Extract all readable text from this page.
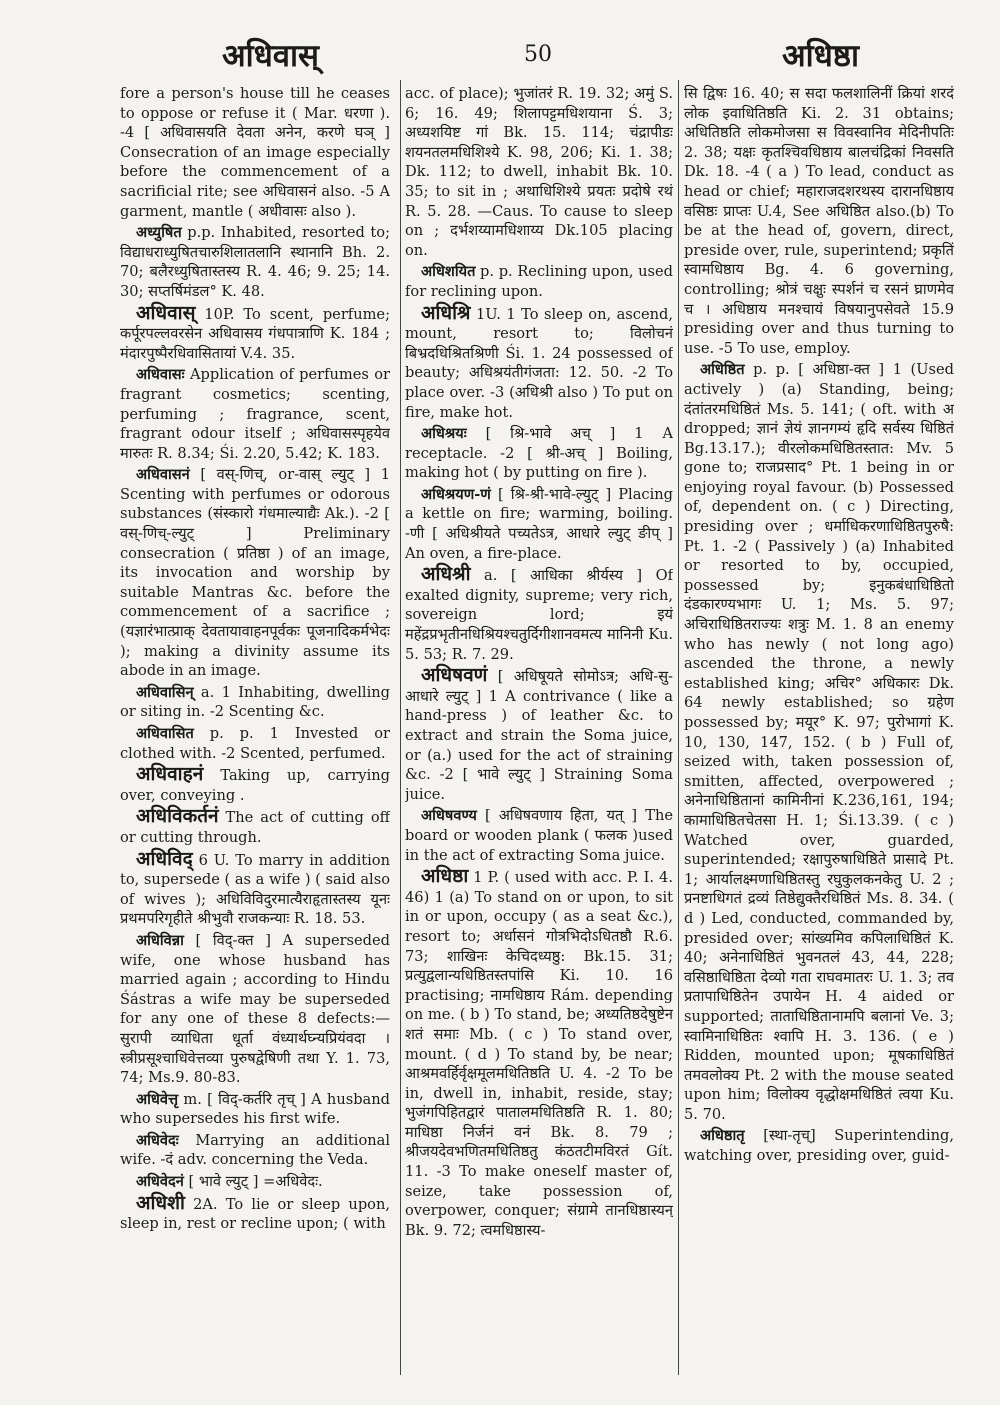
अधिवास्	50	अधिष्ठा

fore a person's house till he ceases to oppose or refuse it ( Mar. धरणा ). -4 [ अधिवासयति देवता अनेन, करणे घञ् ] Consecration of an image especially before the commencement of a sacrificial rite; see अधिवासनं also. -5 A garment, mantle ( अधीवासः also ).

अध्युषित p.p. Inhabited, resorted to; विद्याधराध्युषितचारुशिलातलानि स्थानानि Bh. 2. 70; बलैरध्युषितास्तस्य R. 4. 46; 9. 25; 14. 30; सप्तर्षिमंडल° K. 48.

अधिवास् 10P. To scent, perfume; कर्पूरपल्लवरसेन अधिवासय गंधपात्राणि K. 184 ; मंदारपुष्पैरधिवासितायां V.4. 35.

अधिवासः Application of perfumes or fragrant cosmetics; scenting, perfuming ; fragrance, scent, fragrant odour itself ; अधिवासस्पृहयेव मारुतः R. 8.34; Śi. 2.20, 5.42; K. 183.

अधिवासनं [ वस्-णिच्, or-वास् ल्युट् ] 1 Scenting with perfumes or odorous substances (संस्कारो गंधमाल्याद्यैः Ak.). -2 [ वस्-णिच्-ल्युट् ] Preliminary consecration ( प्रतिष्ठा ) of an image, its invocation and worship by suitable Mantras &c. before the commencement of a sacrifice ;(यज्ञारंभात्प्राक् देवतायावाहनपूर्वकः पूजनादिकर्मभेदः ); making a divinity assume its abode in an image.

अधिवासिन् a. 1 Inhabiting, dwelling or siting in. -2 Scenting &c.

अधिवासित p. p. 1 Invested or clothed with. -2 Scented, perfumed.

अधिवाहनं Taking up, carrying over, conveying .

अधिविकर्तनं The act of cutting off or cutting through.

अधिविद् 6 U. To marry in addition to, supersede ( as a wife ) ( said also of wives ); अधिविविदुरमात्यैराहृतास्तस्य यूनः प्रथमपरिगृहीते श्रीभुवौ राजकन्याः R. 18. 53.

अधिविन्ना [ विद्-क्त ] A superseded wife, one whose husband has married again ; according to Hindu Śástras a wife may be superseded for any one of these 8 defects:—सुरापी व्याधिता धूर्ता वंध्यार्थघ्न्यप्रियंवदा । स्त्रीप्रसूश्चाधिवेत्तव्या पुरुषद्वेषिणी तथा Y. 1. 73, 74; Ms.9. 80-83.

अधिवेत्तृ m. [ विद्-कर्तरि तृच् ] A husband who supersedes his first wife.

अधिवेदः Marrying an additional wife. -दं adv. concerning the Veda.

अधिवेदनं [ भावे ल्युट् ] =अधिवेदः.

अधिशी 2A. To lie or sleep upon, sleep in, rest or recline upon; ( with

acc. of place); भुजांतरं R. 19. 32; अमुं S. 6; 16. 49; शिलापट्टमधिशयाना Ś. 3; अध्यशयिष्ट गां Bk. 15. 114; चंद्रापीडः शयनतलमधिशिश्ये K. 98, 206; Ki. 1. 38; Dk. 112; to dwell, inhabit Bk. 10. 35; to sit in ; अथाधिशिश्ये प्रयतः प्रदोषे रथं R. 5. 28. —Caus. To cause to sleep on ; दर्भशय्यामधिशाय्य Dk.105 placing on.

अधिशयित p. p. Reclining upon, used for reclining upon.

अधिश्रि 1U. 1 To sleep on, ascend, mount, resort to; विलोचनं बिभ्रदधिश्रितश्रिणी Śi. 1. 24 possessed of beauty; अधिश्रयंतीगंजता: 12. 50. -2 To place over. -3 (अधिश्री also ) To put on fire, make hot.

अधिश्रयः [ श्रि-भावे अच् ] 1 A receptacle. -2 [ श्री-अच् ] Boiling, making hot ( by putting on fire ).

अधिश्रयण-णं [ श्रि-श्री-भावे-ल्युट् ] Placing a kettle on fire; warming, boiling. -णी [ अधिश्रीयते पच्यतेऽत्र, आधारे ल्युट् ङीप् ] An oven, a fire-place.

अधिश्री a. [ आधिका श्रीर्यस्य ] Of exalted dignity, supreme; very rich, sovereign lord; इयं महेंद्रप्रभृतीनधिश्रियश्चतुर्दिगीशानवमत्य मानिनी Ku. 5. 53; R. 7. 29.

अधिषवणं [ अधिषूयते सोमोऽत्र; अधि-सु-आधारे ल्युट् ] 1 A contrivance ( like a hand-press ) of leather &c. to extract and strain the Soma juice, or (a.) used for the act of straining &c. -2 [ भावे ल्युट् ] Straining Soma juice.

अधिषवण्य [ अधिषवणाय हिता, यत् ] The board or wooden plank ( फलक )used in the act of extracting Soma juice.

अधिष्ठा 1 P. ( used with acc. P. I. 4. 46) 1 (a) To stand on or upon, to sit in or upon, occupy ( as a seat &c.), resort to; अर्धासनं गोत्रभिदोऽधितष्ठौ R.6. 73; शाखिनः केचिदध्यष्ठु: Bk.15. 31; प्रत्युद्वलान्यधिष्ठितस्तपांसि Ki. 10. 16 practising; नामधिष्ठाय Rám. depending on me. ( b ) To stand, be; अध्यतिष्ठदेषुष्टेन शतं समाः Mb. ( c ) To stand over, mount. ( d ) To stand by, be near; आश्रमवर्हिर्वृक्षमूलमधितिष्ठति U. 4. -2 To be in, dwell in, inhabit, reside, stay; भुजंगपिहितद्वारं पातालमधितिष्ठति R. 1. 80; माधिष्ठा निर्जनं वनं Bk. 8. 79 ; श्रीजयदेवभणितमधितिष्ठतु कंठतटीमविरतं Gít. 11. -3 To make oneself master of, seize, take possession of, overpower, conquer; संग्रामे तानधिष्ठास्यन् Bk. 9. 72; त्वमधिष्ठास्य-

सि द्विषः 16. 40; स सदा फलशालिनीं क्रियां शरदं लोक इवाधितिष्ठति Ki. 2. 31 obtains; अधितिष्ठति लोकमोजसा स विवस्वानिव मेदिनीपतिः 2. 38; यक्षः कृतश्चिवधिष्ठाय बालचंद्रिकां निवसति Dk. 18. -4 ( a ) To lead, conduct as head or chief; महाराजदशरथस्य दारानधिष्ठाय वसिष्ठः प्राप्तः U.4, See अधिष्ठित also.(b) To be at the head of, govern, direct, preside over, rule, superintend; प्रकृतिं स्वामधिष्ठाय Bg. 4. 6 governing, controlling; श्रोत्रं चक्षुः स्पर्शनं च रसनं घ्राणमेव च । अधिष्ठाय मनश्चायं विषयानुपसेवते 15.9 presiding over and thus turning to use. -5 To use, employ.

अधिष्ठित p. p. [ अधिष्ठा-क्त ] 1 (Used actively ) (a) Standing, being; दंतांतरमधिष्ठितं Ms. 5. 141; ( oft. with अ dropped; ज्ञानं ज्ञेयं ज्ञानगम्यं हृदि सर्वस्य धिष्ठितं Bg.13.17.); वीरलोकमधिष्ठितस्तात: Mv. 5 gone to; राजप्रसाद° Pt. 1 being in or enjoying royal favour. (b) Possessed of, dependent on. ( c ) Directing, presiding over ; धर्माधिकरणाधिष्ठितपुरुषै: Pt. 1. -2 ( Passively ) (a) Inhabited or resorted to by, occupied, possessed by; इनुकबंधाधिष्ठितो दंडकारण्यभागः U. 1; Ms. 5. 97; अचिराधिष्ठितराज्यः शत्रुः M. 1. 8 an enemy who has newly ( not long ago) ascended the throne, a newly established king; अचिर° अधिकारः Dk. 64 newly established; so ग्रहेण possessed by; मयूर° K. 97; पुरोभागां K. 10, 130, 147, 152. ( b ) Full of, seized with, taken possession of, smitten, affected, overpowered ; अनेनाधिष्ठितानां कामिनीनां K.236,161, 194; कामाधिष्ठितचेतसा H. 1; Śi.13.39. ( c ) Watched over, guarded, superintended; रक्षापुरुषाधिष्ठिते प्रासादे Pt. 1; आर्यालक्ष्मणाधिष्ठितस्तु रघुकुलकनकेतु U. 2 ; प्रनष्टाधिगतं द्रव्यं तिष्ठेद्युक्तैरधिष्ठितं Ms. 8. 34. ( d ) Led, conducted, commanded by, presided over; सांख्यमिव कपिलाधिष्ठितं K. 40; अनेनाधिष्ठितं भुवनतलं 43, 44, 228; वसिष्ठाधिष्ठिता देव्यो गता राघवमातरः U. 1. 3; तव प्रतापाधिष्ठितेन उपायेन H. 4 aided or supported; ताताधिष्ठितानामपि बलानां Ve. 3; स्वामिनाधिष्ठितः श्वापि H. 3. 136. ( e ) Ridden, mounted upon; मूषकाधिष्ठितं तमवलोक्य Pt. 2 with the mouse seated upon him; विलोक्य वृद्धोक्षमधिष्ठितं त्वया Ku. 5. 70.

अधिष्ठातृ [स्था-तृच्] Superintending, watching over, presiding over, guid-
